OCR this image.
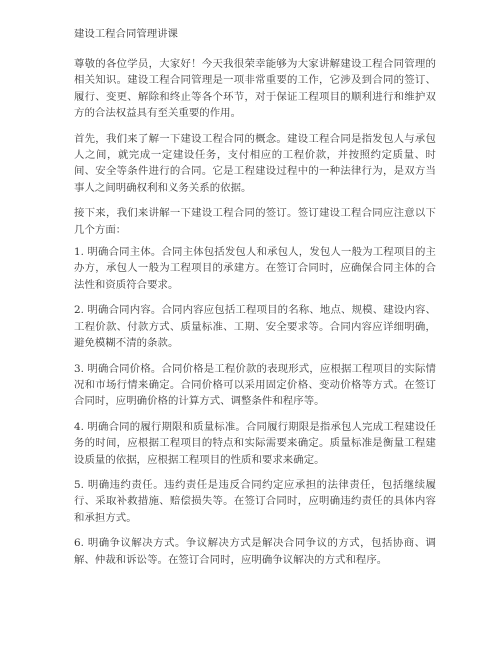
建设工程合同管理讲课

尊敬的各位学员，大家好！今天我很荣幸能够为大家讲解建设工程合同管理的相关知识。建设工程合同管理是一项非常重要的工作，它涉及到合同的签订、履行、变更、解除和终止等各个环节，对于保证工程项目的顺利进行和维护双方的合法权益具有至关重要的作用。

首先，我们来了解一下建设工程合同的概念。建设工程合同是指发包人与承包人之间，就完成一定建设任务，支付相应的工程价款，并按照约定质量、时间、安全等条件进行的合同。它是工程建设过程中的一种法律行为，是双方当事人之间明确权利和义务关系的依据。

接下来，我们来讲解一下建设工程合同的签订。签订建设工程合同应注意以下几个方面：

1. 明确合同主体。合同主体包括发包人和承包人，发包人一般为工程项目的主办方，承包人一般为工程项目的承建方。在签订合同时，应确保合同主体的合法性和资质符合要求。

2. 明确合同内容。合同内容应包括工程项目的名称、地点、规模、建设内容、工程价款、付款方式、质量标准、工期、安全要求等。合同内容应详细明确，避免模糊不清的条款。

3. 明确合同价格。合同价格是工程价款的表现形式，应根据工程项目的实际情况和市场行情来确定。合同价格可以采用固定价格、变动价格等方式。在签订合同时，应明确价格的计算方式、调整条件和程序等。

4. 明确合同的履行期限和质量标准。合同履行期限是指承包人完成工程建设任务的时间，应根据工程项目的特点和实际需要来确定。质量标准是衡量工程建设质量的依据，应根据工程项目的性质和要求来确定。

5. 明确违约责任。违约责任是违反合同约定应承担的法律责任，包括继续履行、采取补救措施、赔偿损失等。在签订合同时，应明确违约责任的具体内容和承担方式。

6. 明确争议解决方式。争议解决方式是解决合同争议的方式，包括协商、调解、仲裁和诉讼等。在签订合同时，应明确争议解决的方式和程序。
